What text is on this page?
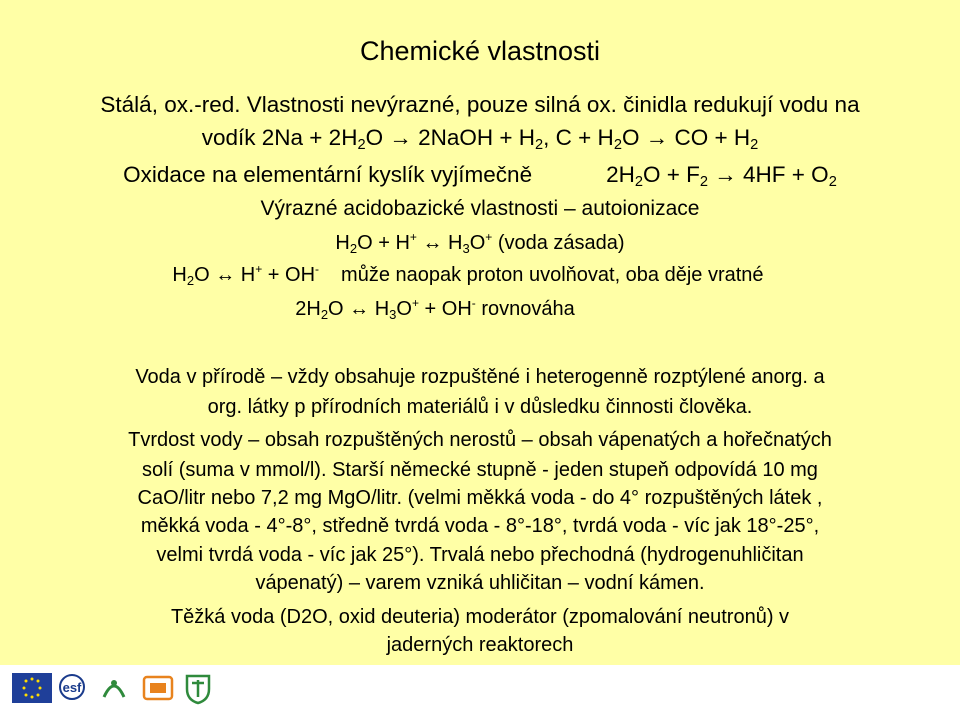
Chemické vlastnosti
Stálá, ox.-red. Vlastnosti nevýrazné, pouze silná ox. činidla redukují vodu na
vodík $2Na + 2H_2O$ → 2NaOH + $H_2$, $C + H_2O$ → CO + $H_2$
Oxidace na elementární kyslík vyjímečně	$2H_2O + F_2 \to 4HF + O_2$
Výrazné acidobazické vlastnosti – autoionizace
$H_2O + H^+$ ↔ $H_3O^+$ (voda zásada)
$H_2O$ ↔ H+ + OH- může naopak proton uvolňovat, oba děje vratné
$2H_2O$ ↔ $H_3O^+ + OH^-$ rovnováha
Voda v přírodě – vždy obsahuje rozpuštěné i heterogenně rozptýlené anorg. a
org. látky p přírodních materiálů i v důsledku činnosti člověka.
Tvrdost vody – obsah rozpuštěných nerostů – obsah vápenatých a hořečnatých
solí (suma v mmol/l). Starší německé stupně - jeden stupeň odpovídá 10 mg
CaO/litr nebo 7,2 mg MgO/litr. (velmi měkká voda - do 4° rozpuštěných látek ,
měkká voda - 4°-8°, středně tvrdá voda - 8°-18°, tvrdá voda - víc jak 18°-25°,
velmi tvrdá voda - víc jak 25°). Trvalá nebo přechodná (hydrogenuhličitan
vápenatý) – varem vzniká uhličitan – vodní kámen.
Těžká voda (D2O, oxid deuteria) moderátor (zpomalování neutronů) v
jaderných reaktorech
esf
